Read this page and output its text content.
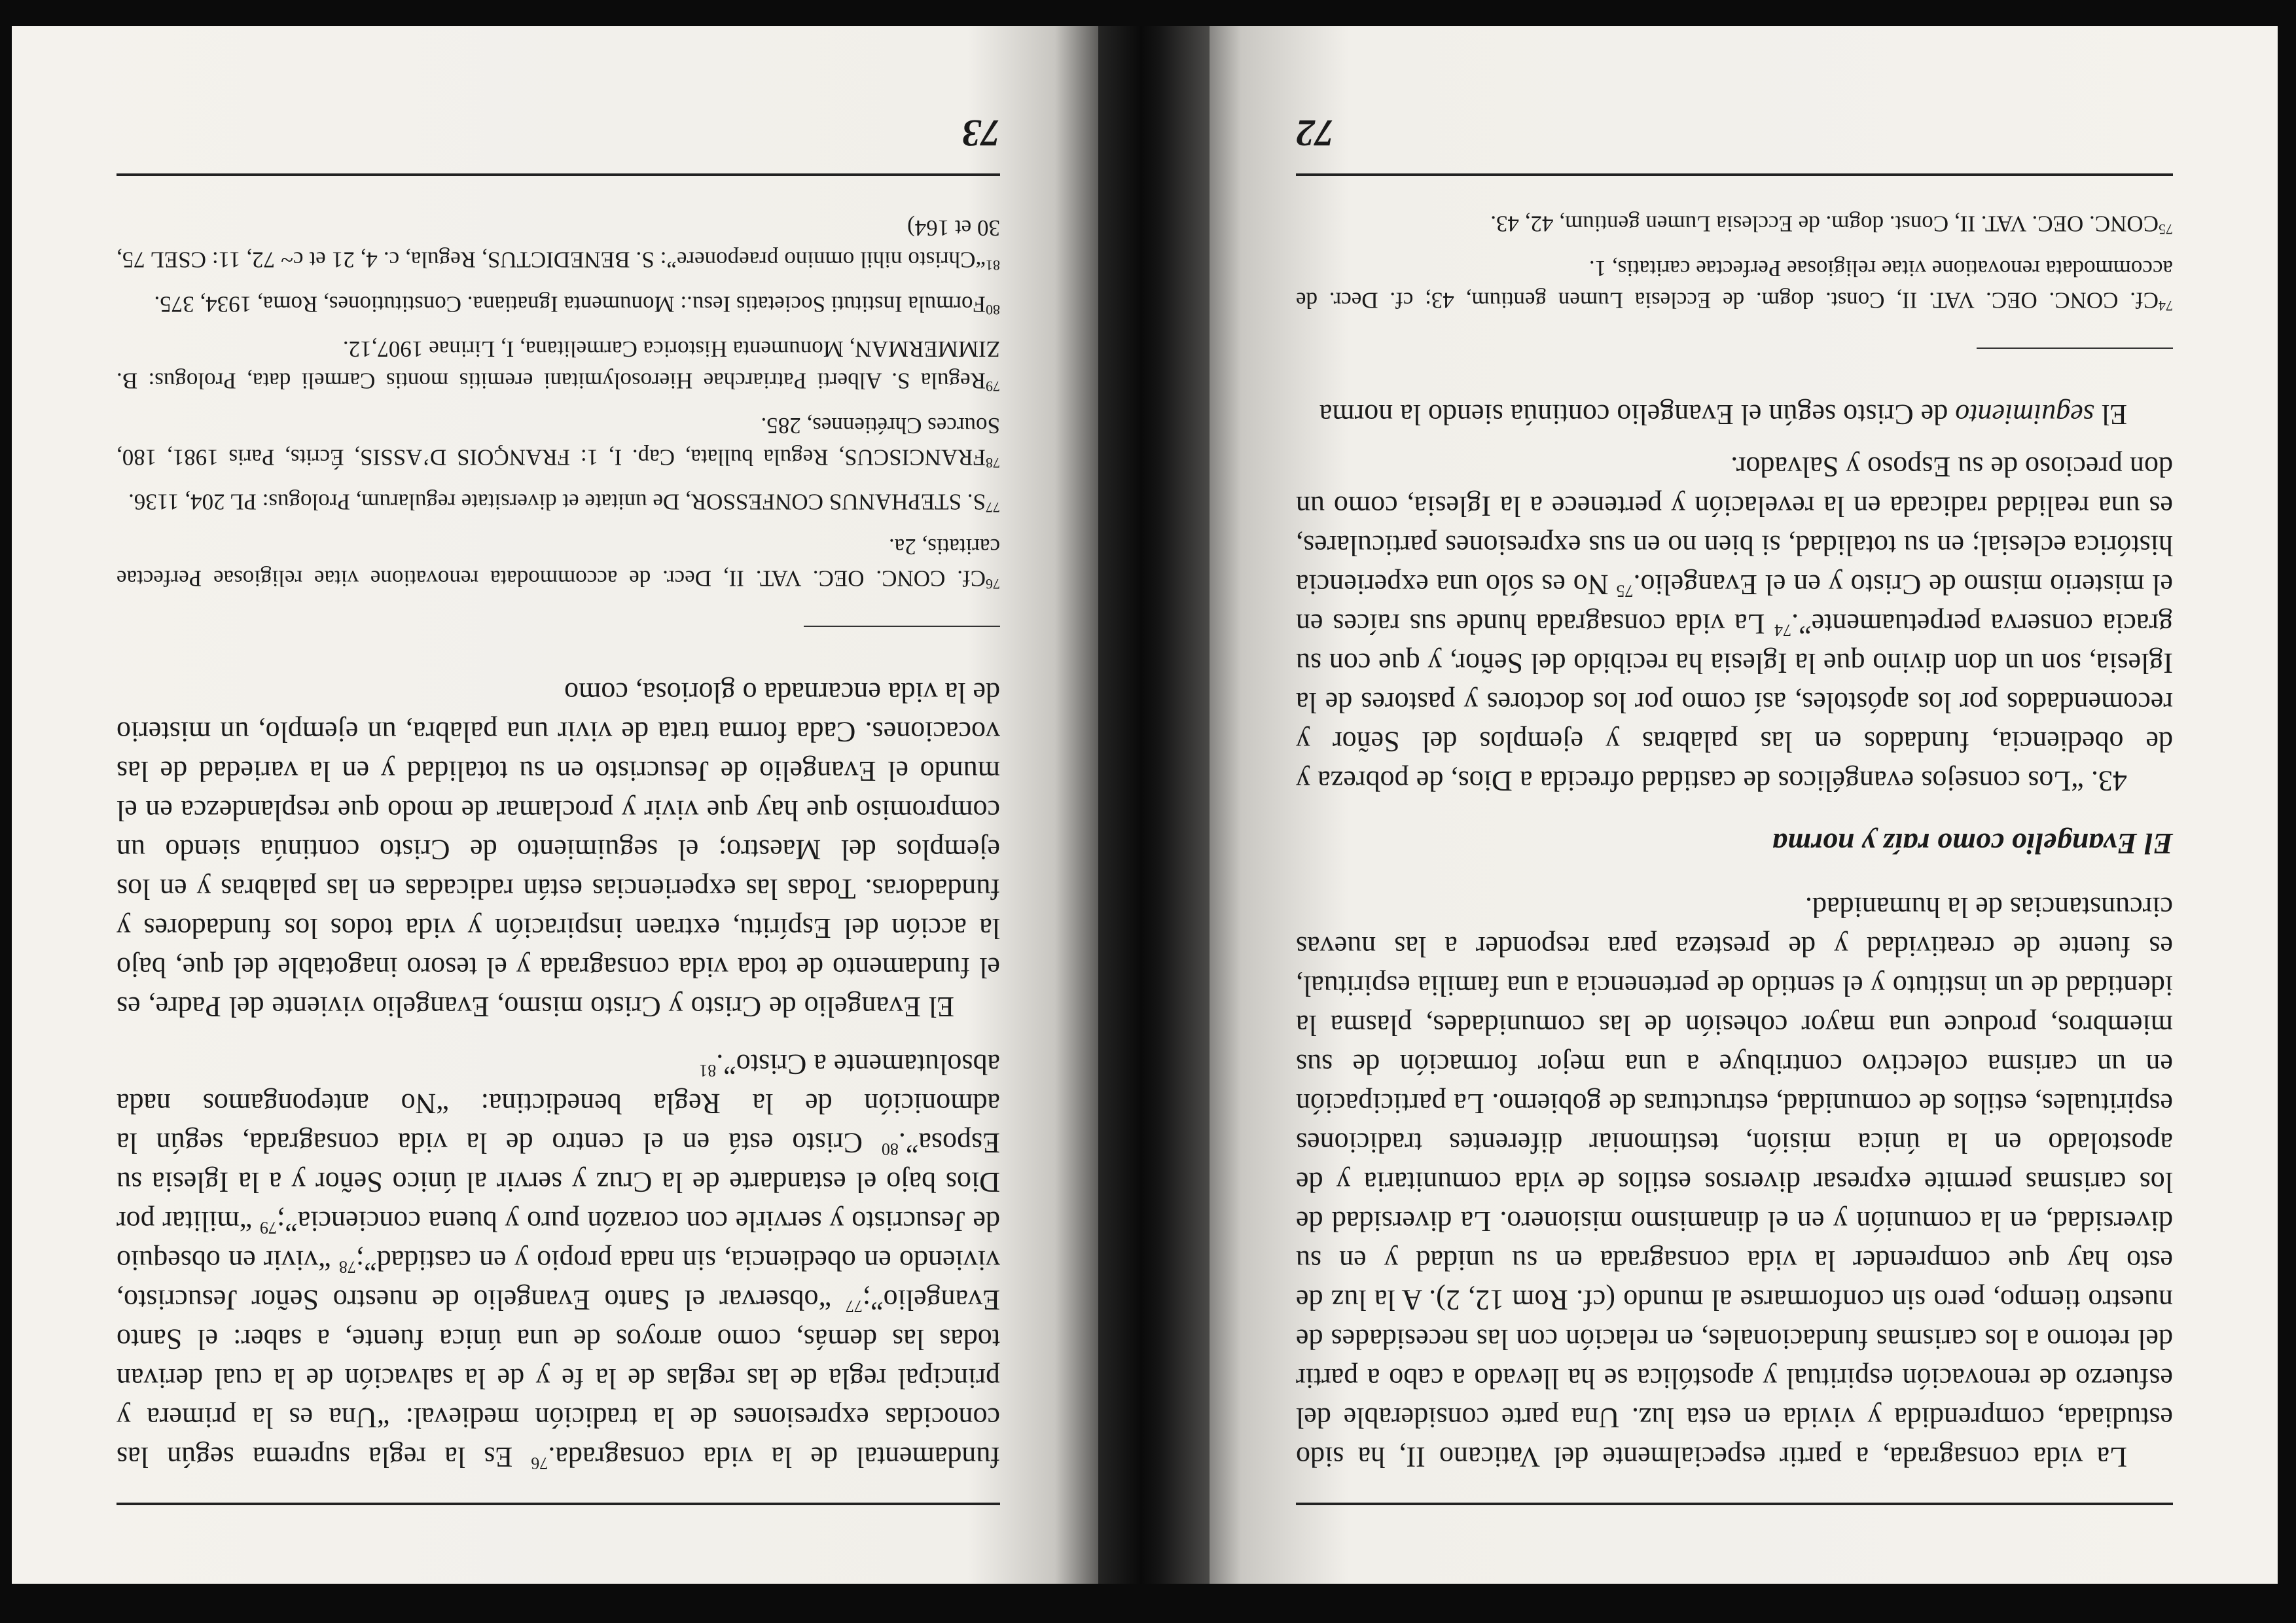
La vida consagrada, a partir especialmente del Vaticano II, ha sido estudiada, comprendida y vivida en esta luz. Una parte considerable del esfuerzo de renovación espiritual y apostólica se ha llevado a cabo a partir del retorno a los carismas fundacionales, en relación con las necesidades de nuestro tiempo, pero sin conformarse al mundo (cf. Rom 12, 2). A la luz de esto hay que comprender la vida consagrada en su unidad y en su diversidad, en la comunión y en el dinamismo misionero. La diversidad de los carismas permite expresar diversos estilos de vida comunitaria y de apostolado en la única misión, testimoniar diferentes tradiciones espirituales, estilos de comunidad, estructuras de gobierno. La participación en un carisma colectivo contribuye a una mejor formación de sus miembros, produce una mayor cohesión de las comunidades, plasma la identidad de un instituto y el sentido de pertenencia a una familia espiritual, es fuente de creatividad y de presteza para responder a las nuevas circunstancias de la humanidad.

El Evangelio como raíz y norma

43. “Los consejos evangélicos de castidad ofrecida a Dios, de pobreza y de obediencia, fundados en las palabras y ejemplos del Señor y recomendados por los apóstoles, así como por los doctores y pastores de la Iglesia, son un don divino que la Iglesia ha recibido del Señor, y que con su gracia conserva perpetuamente”.$^{74}$ La vida consagrada hunde sus raíces en el misterio mismo de Cristo y en el Evangelio.$^{75}$ No es sólo una experiencia histórica eclesial; en su totalidad, si bien no en sus expresiones particulares, es una realidad radicada en la revelación y pertenece a la Iglesia, como un don precioso de su Esposo y Salvador.

El seguimiento de Cristo según el Evangelio continúa siendo la norma

$^{74}$Cf. CONC. OEC. VAT. II, Const. dogm. de Ecclesia Lumen gentium, 43; cf. Decr. de accommodata renovatione vitae religiosae Perfectae caritatis, 1.

$^{75}$CONC. OEC. VAT. II, Const. dogm. de Ecclesia Lumen gentium, 42, 43.

72

fundamental de la vida consagrada.$^{76}$ Es la regla suprema según las conocidas expresiones de la tradición medieval: “Una es la primera y principal regla de las reglas de la fe y de la salvación de la cual derivan todas las demás, como arroyos de una única fuente, a saber: el Santo Evangelio”;$^{77}$ “observar el Santo Evangelio de nuestro Señor Jesucristo, viviendo en obediencia, sin nada propio y en castidad”;$^{78}$ “vivir en obsequio de Jesucristo y servirle con corazón puro y buena conciencia”;$^{79}$ “militar por Dios bajo el estandarte de la Cruz y servir al único Señor y a la Iglesia su Esposa”.$^{80}$ Cristo está en el centro de la vida consagrada, según la admonición de la Regla benedictina: “No antepongamos nada absolutamente a Cristo”.$^{81}$

El Evangelio de Cristo y Cristo mismo, Evangelio viviente del Padre, es el fundamento de toda vida consagrada y el tesoro inagotable del que, bajo la acción del Espíritu, extraen inspiración y vida todos los fundadores y fundadoras. Todas las experiencias están radicadas en las palabras y en los ejemplos del Maestro; el seguimiento de Cristo continúa siendo un compromiso que hay que vivir y proclamar de modo que resplandezca en el mundo el Evangelio de Jesucristo en su totalidad y en la variedad de las vocaciones. Cada forma trata de vivir una palabra, un ejemplo, un misterio de la vida encarnada o gloriosa, como

$^{76}$Cf. CONC. OEC. VAT. II, Decr. de accommodata renovatione vitae religiosae Perfectae caritatis, 2a.

$^{77}$S. STEPHANUS CONFESSOR, De unitate et diversitate regularum, Prologus: PL 204, 1136.

$^{78}$FRANCISCUS, Regula bullata, Cap. I, 1: FRANÇOIS D’ASSIS, Écrits, Paris 1981, 180, Sources Chrétiennes, 285.

$^{79}$Regula S. Alberti Patriarchae Hierosolymitani eremitis montis Carmeli data, Prologus: B. ZIMMERMAN, Monumenta Historica Carmelitana, I, Lirinae 1907,12.

$^{80}$Formula Instituti Societatis Iesu.: Monumenta Ignatiana. Constitutiones, Roma, 1934, 375.

$^{81}$“Christo nihil omnino praeponere”: S. BENEDICTUS, Regula, c. 4, 21 et c~ 72, 11: CSEL 75, 30 et 164)

73
